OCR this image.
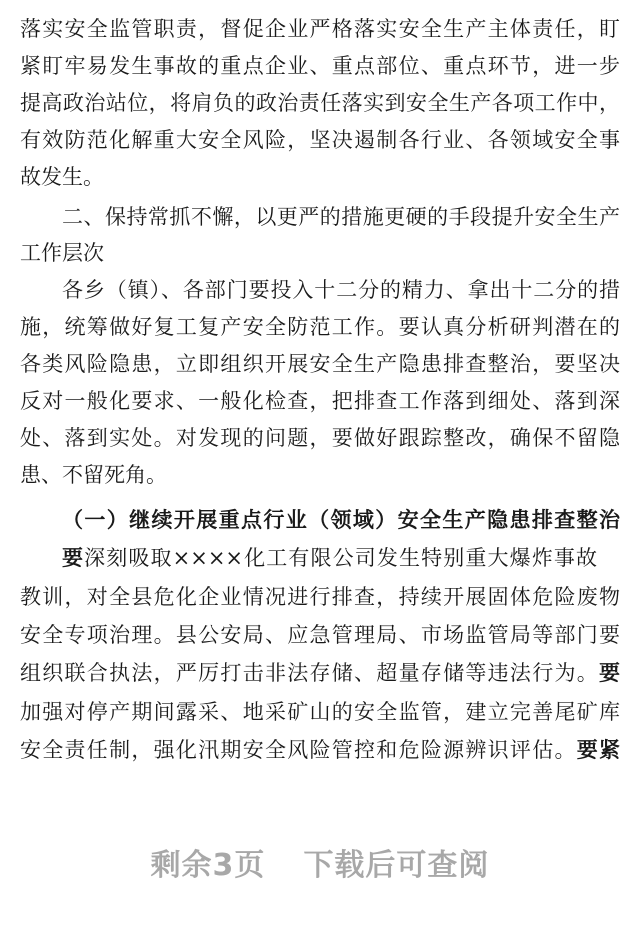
落实安全监管职责，督促企业严格落实安全生产主体责任，盯
紧盯牢易发生事故的重点企业、重点部位、重点环节，进一步
提高政治站位，将肩负的政治责任落实到安全生产各项工作中，
有效防范化解重大安全风险，坚决遏制各行业、各领域安全事
故发生。
二、保持常抓不懈，以更严的措施更硬的手段提升安全生产
工作层次
各乡（镇）、各部门要投入十二分的精力、拿出十二分的措
施，统筹做好复工复产安全防范工作。要认真分析研判潜在的
各类风险隐患，立即组织开展安全生产隐患排查整治，要坚决
反对一般化要求、一般化检查，把排查工作落到细处、落到深
处、落到实处。对发现的问题，要做好跟踪整改，确保不留隐
患、不留死角。
（一）继续开展重点行业（领域）安全生产隐患排查整治
要深刻吸取××××化工有限公司发生特别重大爆炸事故
教训，对全县危化企业情况进行排查，持续开展固体危险废物
安全专项治理。县公安局、应急管理局、市场监管局等部门要
组织联合执法，严厉打击非法存储、超量存储等违法行为。要
加强对停产期间露采、地采矿山的安全监管，建立完善尾矿库
安全责任制，强化汛期安全风险管控和危险源辨识评估。要紧
剩余3页 下载后可查阅
